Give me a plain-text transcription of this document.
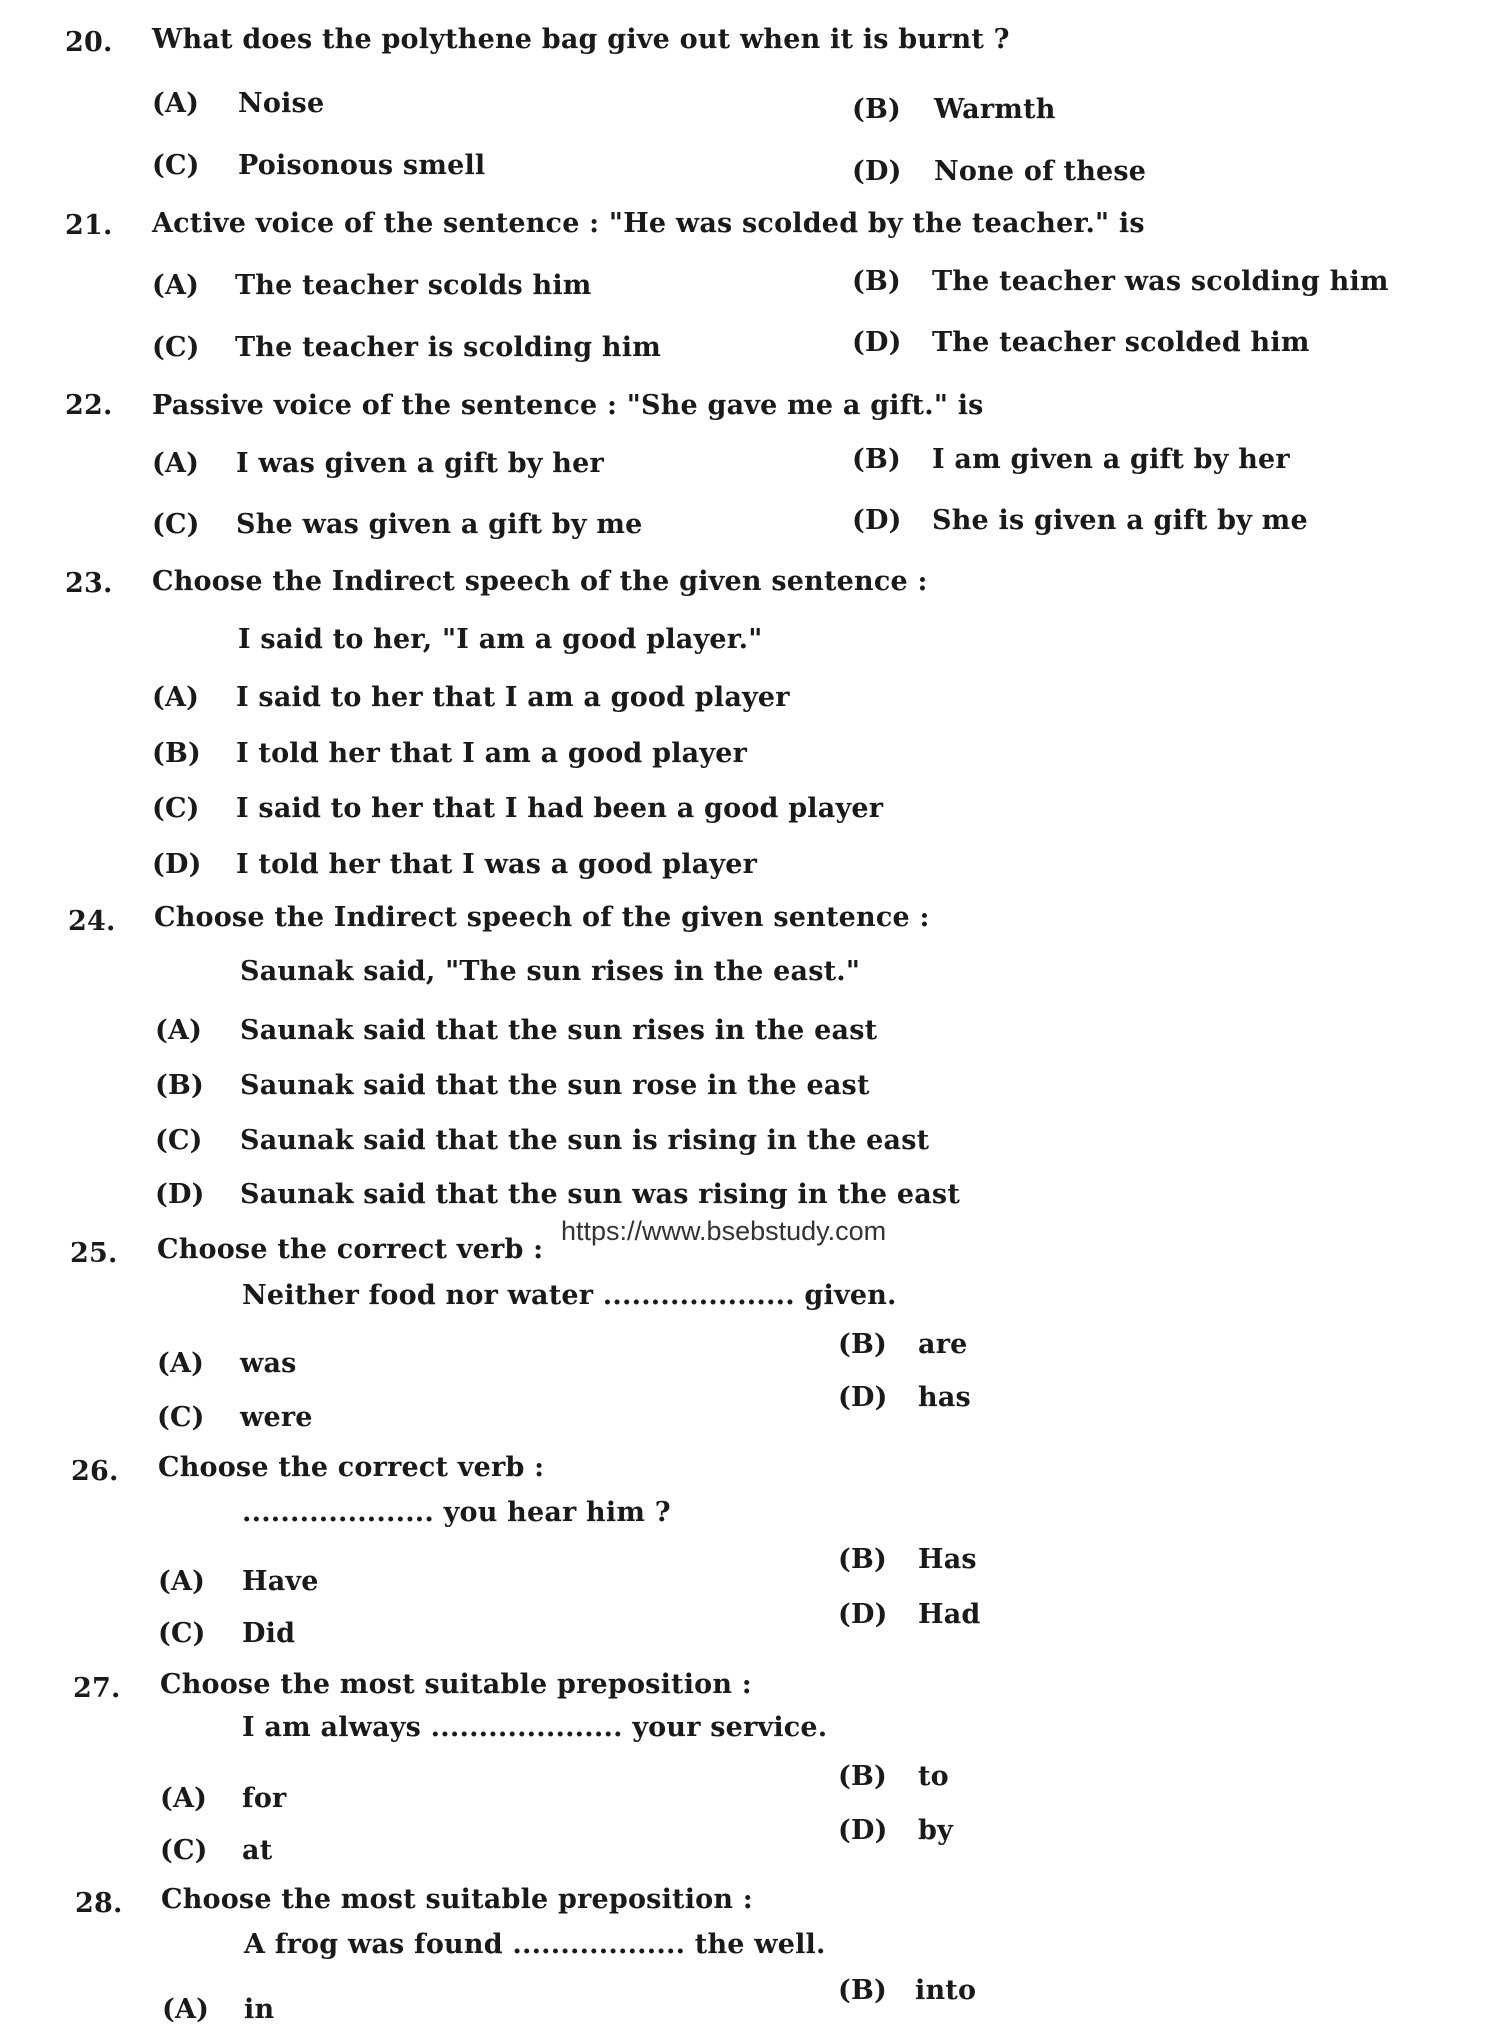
20. What does the polythene bag give out when it is burnt ?
(A) Noise	(B) Warmth
(C) Poisonous smell	(D) None of these
21. Active voice of the sentence : "He was scolded by the teacher." is
(A) The teacher scolds him	(B) The teacher was scolding him
(C) The teacher is scolding him	(D) The teacher scolded him
22. Passive voice of the sentence : "She gave me a gift." is
(A) I was given a gift by her	(B) I am given a gift by her
(C) She was given a gift by me	(D) She is given a gift by me
23. Choose the Indirect speech of the given sentence :
I said to her, "I am a good player."
(A) I said to her that I am a good player
(B) I told her that I am a good player
(C) I said to her that I had been a good player
(D) I told her that I was a good player
24. Choose the Indirect speech of the given sentence :
Saunak said, "The sun rises in the east."
(A) Saunak said that the sun rises in the east
(B) Saunak said that the sun rose in the east
(C) Saunak said that the sun is rising in the east
(D) Saunak said that the sun was rising in the east
25. Choose the correct verb :
Neither food nor water .................... given.
(A) was
(B) are
(C) were
(D) has
26. Choose the correct verb :
.................... you hear him ?
(A) Have
(B) Has
(C) Did
(D) Had
27. Choose the most suitable preposition :
I am always .................... your service.
(A) for
(B) to
(C) at
(D) by
28. Choose the most suitable preposition :
A frog was found .................. the well.
(A) in
(B) into
https://www.bsebstudy.com
